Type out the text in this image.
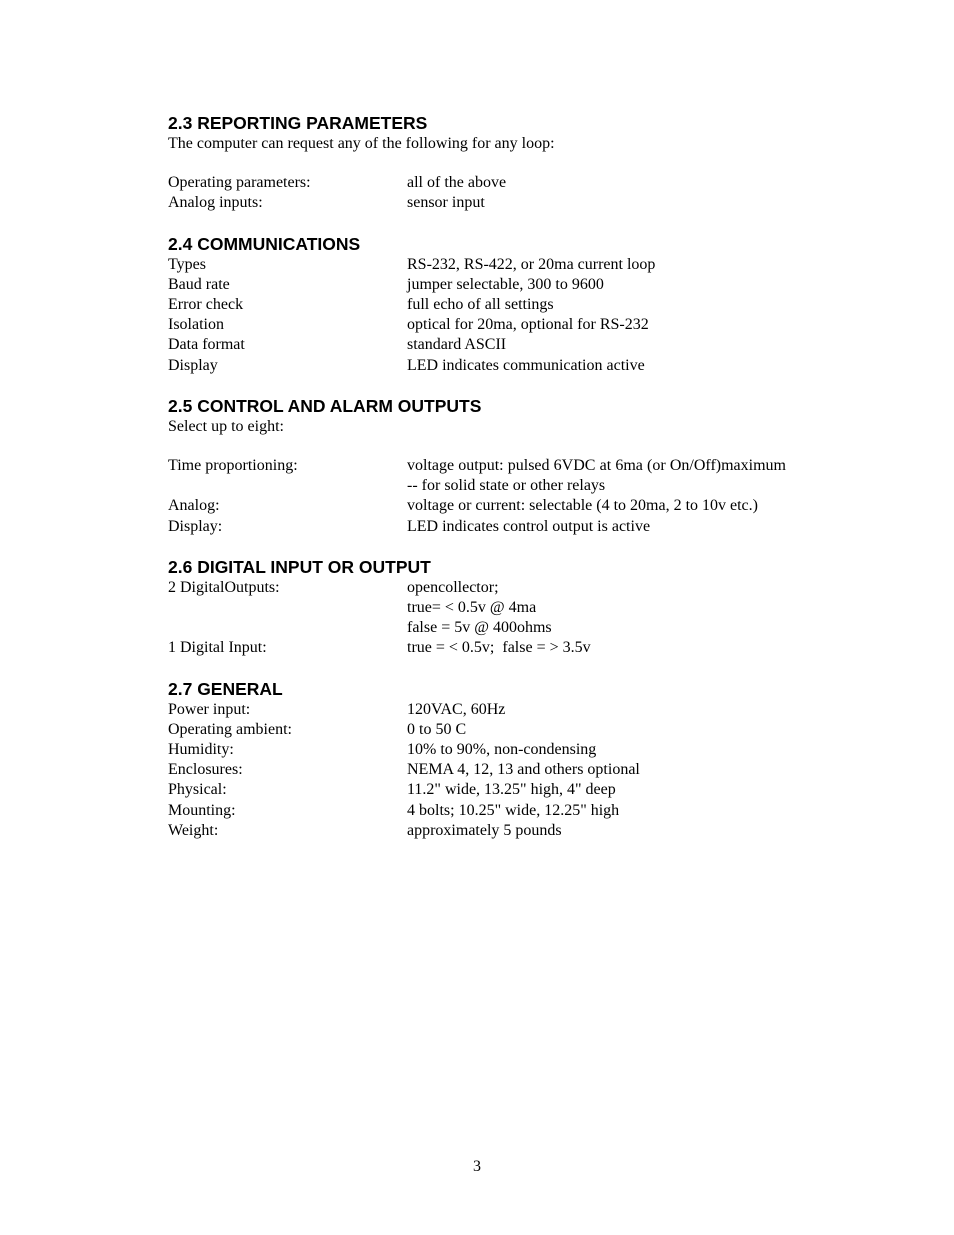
2.3 REPORTING PARAMETERS
The computer can request any of the following for any loop:
Operating parameters:	all of the above
Analog inputs:	sensor input
2.4 COMMUNICATIONS
Types	RS-232, RS-422, or 20ma current loop
Baud rate	jumper selectable, 300 to 9600
Error check	full echo of all settings
Isolation	optical for 20ma, optional for RS-232
Data format	standard ASCII
Display	LED indicates communication active
2.5 CONTROL AND ALARM OUTPUTS
Select up to eight:
Time proportioning:	voltage output: pulsed 6VDC at 6ma (or On/Off)maximum -- for solid state or other relays
Analog:	voltage or current: selectable (4 to 20ma, 2 to 10v etc.)
Display:	LED indicates control output is active
2.6 DIGITAL INPUT OR OUTPUT
2 DigitalOutputs:	opencollector;
true= < 0.5v @ 4ma
false = 5v @ 400ohms
1 Digital Input:	true = < 0.5v;  false = > 3.5v
2.7 GENERAL
Power input:	120VAC, 60Hz
Operating ambient:	0 to 50 C
Humidity:	10% to 90%, non-condensing
Enclosures:	NEMA 4, 12, 13 and others optional
Physical:	11.2" wide, 13.25" high, 4" deep
Mounting:	4 bolts; 10.25" wide, 12.25" high
Weight:	approximately 5 pounds
3
